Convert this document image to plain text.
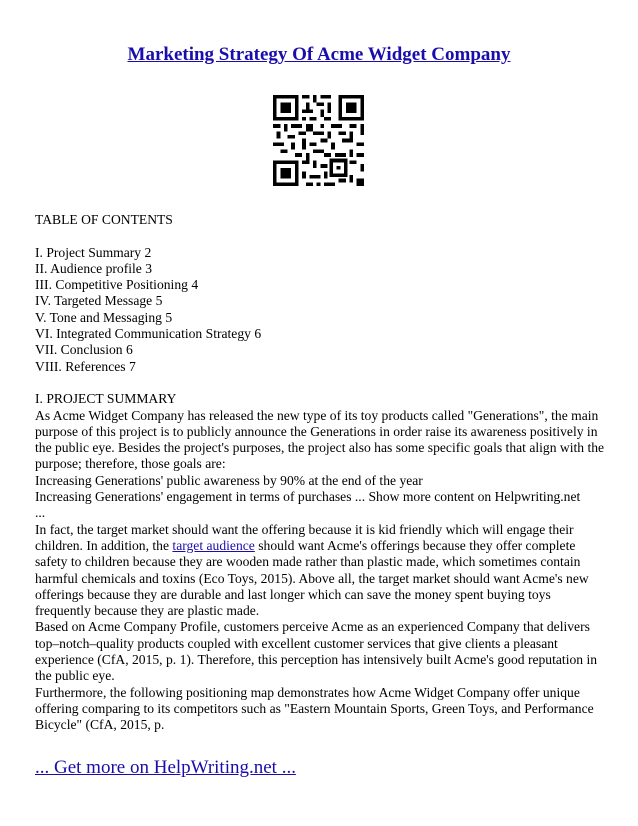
Marketing Strategy Of Acme Widget Company

TABLE OF CONTENTS

I. Project Summary 2

II. Audience profile 3

III. Competitive Positioning 4

IV. Targeted Message 5

V. Tone and Messaging 5

VI. Integrated Communication Strategy 6

VII. Conclusion 6

VIII. References 7

I. PROJECT SUMMARY

As Acme Widget Company has released the new type of its toy products called "Generations", the main purpose of this project is to publicly announce the Generations in order raise its awareness positively in the public eye. Besides the project's purposes, the project also has some specific goals that align with the purpose; therefore, those goals are:

Increasing Generations' public awareness by 90% at the end of the year

Increasing Generations' engagement in terms of purchases ... Show more content on Helpwriting.net

...

In fact, the target market should want the offering because it is kid friendly which will engage their children. In addition, the target audience should want Acme's offerings because they offer complete safety to children because they are wooden made rather than plastic made, which sometimes contain harmful chemicals and toxins (Eco Toys, 2015). Above all, the target market should want Acme's new offerings because they are durable and last longer which can save the money spent buying toys frequently because they are plastic made.

Based on Acme Company Profile, customers perceive Acme as an experienced Company that delivers top–notch–quality products coupled with excellent customer services that give clients a pleasant experience (CfA, 2015, p. 1). Therefore, this perception has intensively built Acme's good reputation in the public eye.

Furthermore, the following positioning map demonstrates how Acme Widget Company offer unique offering comparing to its competitors such as "Eastern Mountain Sports, Green Toys, and Performance Bicycle" (CfA, 2015, p.

... Get more on HelpWriting.net ...
